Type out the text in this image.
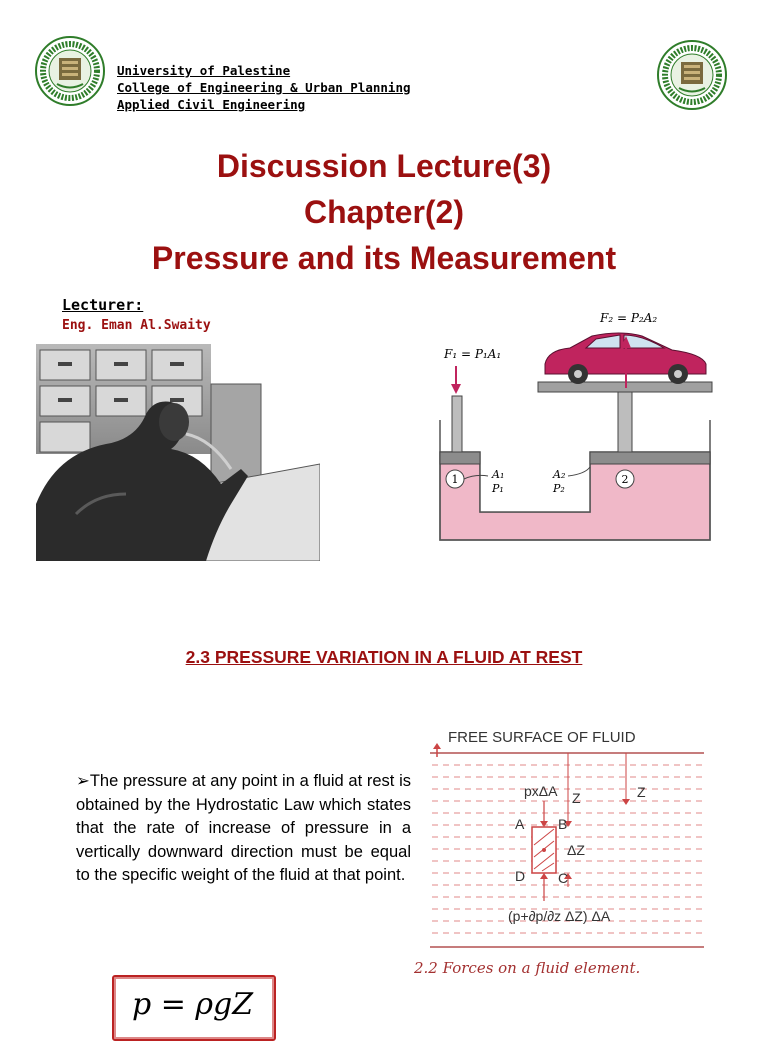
University of Palestine
College of Engineering & Urban Planning
Applied Civil Engineering
Discussion Lecture(3)
Chapter(2)
Pressure and its Measurement
Lecturer:
Eng. Eman Al.Swaity	F₂ = P₂A₂
F₁ = P₁A₁
1	2
A₁
P₁
A₂
P₂
2.3 PRESSURE VARIATION IN A FLUID AT REST
➢The pressure at any point in a fluid at rest is obtained by the Hydrostatic Law which states that the rate of increase of pressure in a vertically downward direction must be equal to the specific weight of the fluid at that point.
FREE SURFACE OF FLUID
pxΔA Z	Z
A B
ΔZ
D C
(p+∂p/∂z ΔZ) ΔA
2.2 Forces on a fluid element.
p = ρgZ
